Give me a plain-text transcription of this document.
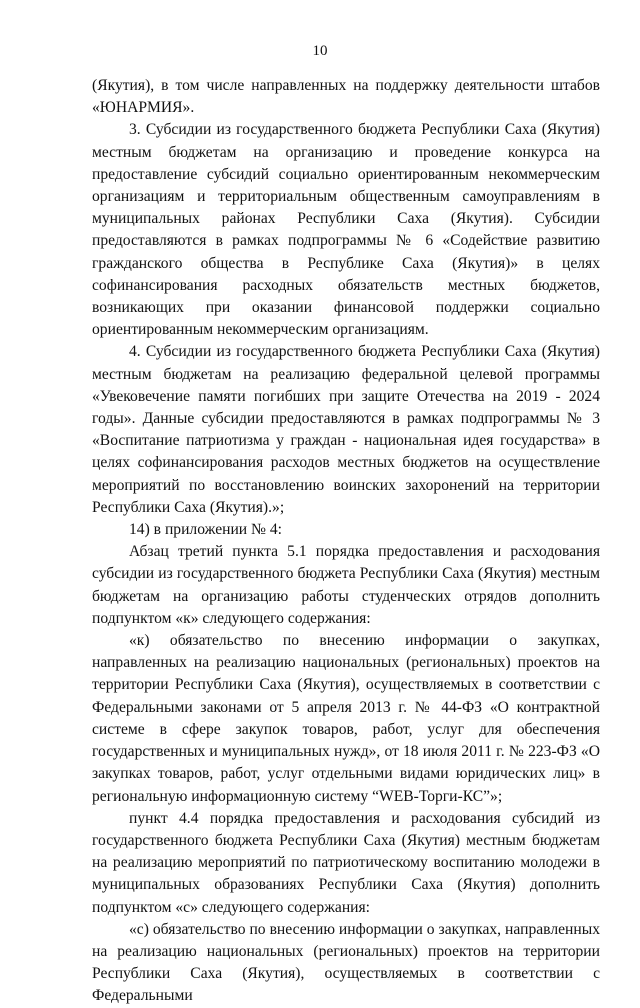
10

(Якутия), в том числе направленных на поддержку деятельности штабов «ЮНАРМИЯ».

3. Субсидии из государственного бюджета Республики Саха (Якутия) местным бюджетам на организацию и проведение конкурса на предоставление субсидий социально ориентированным некоммерческим организациям и территориальным общественным самоуправлениям в муниципальных районах Республики Саха (Якутия). Субсидии предоставляются в рамках подпрограммы № 6 «Содействие развитию гражданского общества в Республике Саха (Якутия)» в целях софинансирования расходных обязательств местных бюджетов, возникающих при оказании финансовой поддержки социально ориентированным некоммерческим организациям.

4. Субсидии из государственного бюджета Республики Саха (Якутия) местным бюджетам на реализацию федеральной целевой программы «Увековечение памяти погибших при защите Отечества на 2019 - 2024 годы». Данные субсидии предоставляются в рамках подпрограммы № 3 «Воспитание патриотизма у граждан - национальная идея государства» в целях софинансирования расходов местных бюджетов на осуществление мероприятий по восстановлению воинских захоронений на территории Республики Саха (Якутия).»;

14) в приложении № 4:

Абзац третий пункта 5.1 порядка предоставления и расходования субсидии из государственного бюджета Республики Саха (Якутия) местным бюджетам на организацию работы студенческих отрядов дополнить подпунктом «к» следующего содержания:

«к) обязательство по внесению информации о закупках, направленных на реализацию национальных (региональных) проектов на территории Республики Саха (Якутия), осуществляемых в соответствии с Федеральными законами от 5 апреля 2013 г. № 44-ФЗ «О контрактной системе в сфере закупок товаров, работ, услуг для обеспечения государственных и муниципальных нужд», от 18 июля 2011 г. № 223-ФЗ «О закупках товаров, работ, услуг отдельными видами юридических лиц» в региональную информационную систему “WEB-Торги-КС”»;

пункт 4.4 порядка предоставления и расходования субсидий из государственного бюджета Республики Саха (Якутия) местным бюджетам на реализацию мероприятий по патриотическому воспитанию молодежи в муниципальных образованиях Республики Саха (Якутия) дополнить подпунктом «с» следующего содержания:

«с) обязательство по внесению информации о закупках, направленных на реализацию национальных (региональных) проектов на территории Республики Саха (Якутия), осуществляемых в соответствии с Федеральными
